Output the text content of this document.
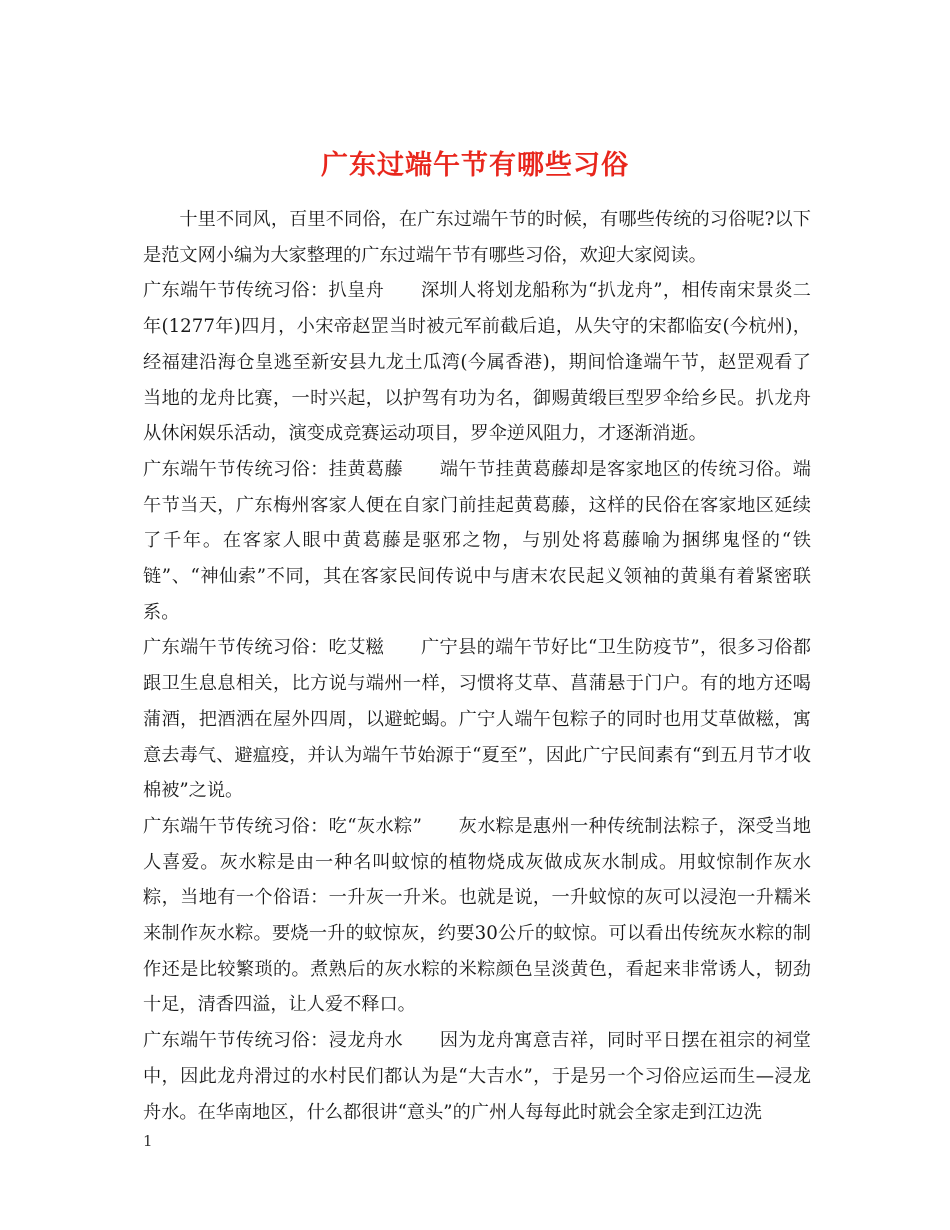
广东过端午节有哪些习俗

十里不同风，百里不同俗，在广东过端午节的时候，有哪些传统的习俗呢?以下是范文网小编为大家整理的广东过端午节有哪些习俗，欢迎大家阅读。

广东端午节传统习俗：扒皇舟 深圳人将划龙船称为“扒龙舟”，相传南宋景炎二年(1277年)四月，小宋帝赵罡当时被元军前截后追，从失守的宋都临安(今杭州)，经福建沿海仓皇逃至新安县九龙土瓜湾(今属香港)，期间恰逢端午节，赵罡观看了当地的龙舟比赛，一时兴起，以护驾有功为名，御赐黄缎巨型罗伞给乡民。扒龙舟从休闲娱乐活动，演变成竞赛运动项目，罗伞逆风阻力，才逐渐消逝。

广东端午节传统习俗：挂黄葛藤 端午节挂黄葛藤却是客家地区的传统习俗。端午节当天，广东梅州客家人便在自家门前挂起黄葛藤，这样的民俗在客家地区延续了千年。在客家人眼中黄葛藤是驱邪之物，与别处将葛藤喻为捆绑鬼怪的“铁链”、“神仙索”不同，其在客家民间传说中与唐末农民起义领袖的黄巢有着紧密联系。

广东端午节传统习俗：吃艾糍 广宁县的端午节好比“卫生防疫节”，很多习俗都跟卫生息息相关，比方说与端州一样，习惯将艾草、菖蒲悬于门户。有的地方还喝蒲酒，把酒洒在屋外四周，以避蛇蝎。广宁人端午包粽子的同时也用艾草做糍，寓意去毒气、避瘟疫，并认为端午节始源于“夏至”，因此广宁民间素有“到五月节才收棉被”之说。

广东端午节传统习俗：吃“灰水粽” 灰水粽是惠州一种传统制法粽子，深受当地人喜爱。灰水粽是由一种名叫蚊惊的植物烧成灰做成灰水制成。用蚊惊制作灰水粽，当地有一个俗语：一升灰一升米。也就是说，一升蚊惊的灰可以浸泡一升糯米来制作灰水粽。要烧一升的蚊惊灰，约要30公斤的蚊惊。可以看出传统灰水粽的制作还是比较繁琐的。煮熟后的灰水粽的米粽颜色呈淡黄色，看起来非常诱人，韧劲十足，清香四溢，让人爱不释口。

广东端午节传统习俗：浸龙舟水 因为龙舟寓意吉祥，同时平日摆在祖宗的祠堂中，因此龙舟滑过的水村民们都认为是“大吉水”，于是另一个习俗应运而生—浸龙舟水。在华南地区，什么都很讲“意头”的广州人每每此时就会全家走到江边洗

1
